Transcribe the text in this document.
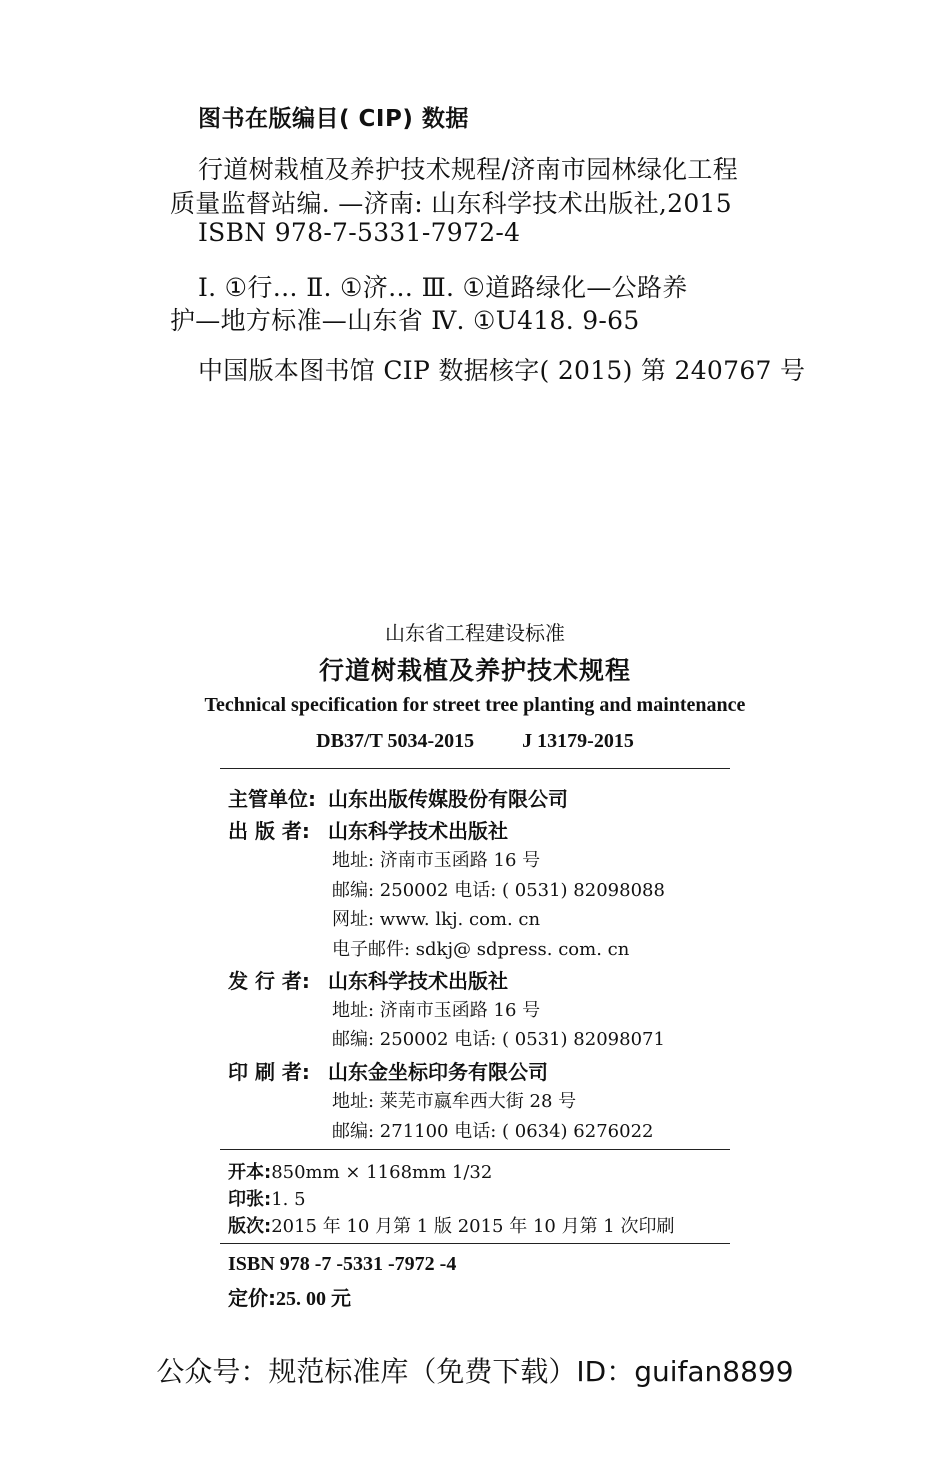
图书在版编目( CIP) 数据
行道树栽植及养护技术规程/济南市园林绿化工程
质量监督站编. —济南: 山东科学技术出版社,2015
ISBN 978-7-5331-7972-4
Ⅰ. ①行… Ⅱ. ①济… Ⅲ. ①道路绿化—公路养
护—地方标准—山东省 Ⅳ. ①U418. 9-65
中国版本图书馆 CIP 数据核字( 2015) 第 240767 号
山东省工程建设标准
行道树栽植及养护技术规程
Technical specification for street tree planting and maintenance
DB37/T 5034-2015 J 13179-2015
主管单位: 山东出版传媒股份有限公司
出 版 者: 山东科学技术出版社
地址: 济南市玉函路 16 号
邮编: 250002 电话: ( 0531) 82098088
网址: www. lkj. com. cn
电子邮件: sdkj@ sdpress. com. cn
发 行 者: 山东科学技术出版社
地址: 济南市玉函路 16 号
邮编: 250002 电话: ( 0531) 82098071
印 刷 者: 山东金坐标印务有限公司
地址: 莱芜市嬴牟西大街 28 号
邮编: 271100 电话: ( 0634) 6276022
开本:850mm × 1168mm 1/32
印张:1. 5
版次:2015 年 10 月第 1 版 2015 年 10 月第 1 次印刷
ISBN 978 -7 -5331 -7972 -4
定价:25. 00 元
公众号：规范标准库（免费下载）ID：guifan8899
